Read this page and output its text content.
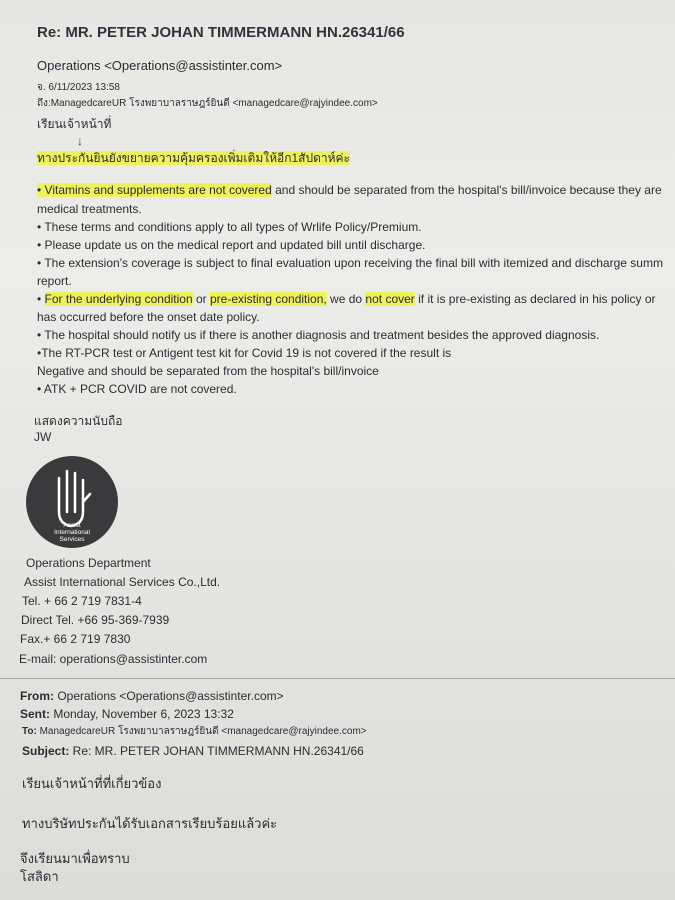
Re: MR. PETER JOHAN TIMMERMANN HN.26341/66
Operations <Operations@assistinter.com>
จ. 6/11/2023 13:58
ถึง:ManagedcareUR โรงพยาบาลราษฎร์ยินดี <managedcare@rajyindee.com>
เรียนเจ้าหน้าที่
↓
ทางประกันยินยังขยายความคุ้มครองเพิ่มเติมให้อีก1สัปดาห์ค่ะ
• Vitamins and supplements are not covered and should be separated from the hospital's bill/invoice because they are
medical treatments.
• These terms and conditions apply to all types of Wrlife Policy/Premium.
• Please update us on the medical report and updated bill until discharge.
• The extension's coverage is subject to final evaluation upon receiving the final bill with itemized and discharge summ
report.
• For the underlying condition or pre-existing condition, we do not cover if it is pre-existing as declared in his policy or
has occurred before the onset date policy.
• The hospital should notify us if there is another diagnosis and treatment besides the approved diagnosis.
•The RT-PCR test or Antigent test kit for Covid 19 is not covered if the result is
Negative and should be separated from the hospital's bill/invoice
• ATK + PCR COVID are not covered.
แสดงความนับถือ
JW
Assist
International
Services
Operations Department
Assist International Services Co.,Ltd.
Tel. + 66 2 719 7831-4
Direct Tel. +66 95-369-7939
Fax.+ 66 2 719 7830
E-mail: operations@assistinter.com
From: Operations <Operations@assistinter.com>
Sent: Monday, November 6, 2023 13:32
To: ManagedcareUR โรงพยาบาลราษฎร์ยินดี <managedcare@rajyindee.com>
Subject: Re: MR. PETER JOHAN TIMMERMANN HN.26341/66
เรียนเจ้าหน้าที่ที่เกี่ยวข้อง
ทางบริษัทประกันได้รับเอกสารเรียบร้อยแล้วค่ะ
จึงเรียนมาเพื่อทราบ
โสลิดา
